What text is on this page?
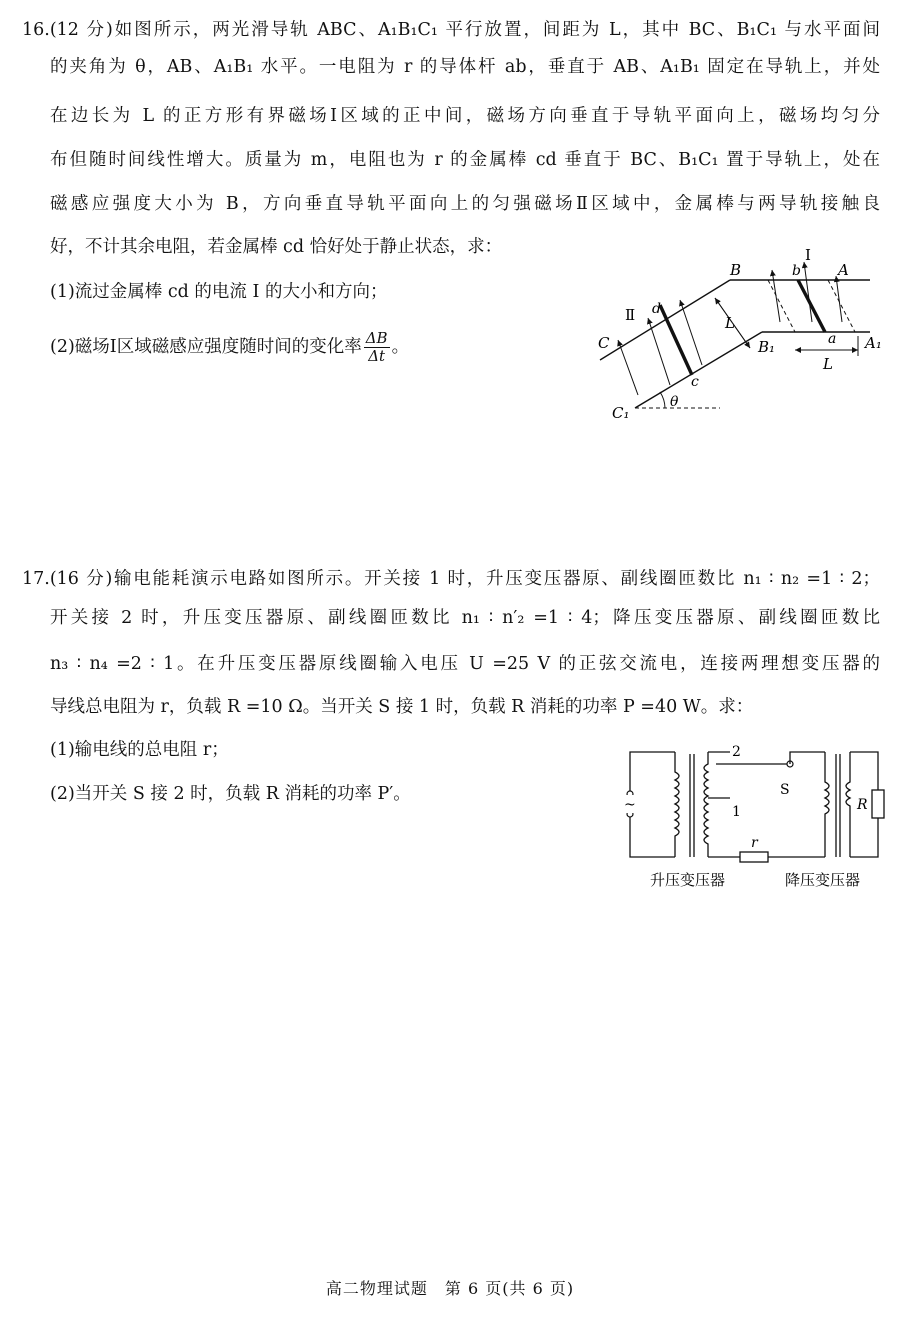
16.(12 分)如图所示，两光滑导轨 ABC、A₁B₁C₁ 平行放置，间距为 L，其中 BC、B₁C₁ 与水平面间
的夹角为 θ，AB、A₁B₁ 水平。一电阻为 r 的导体杆 ab，垂直于 AB、A₁B₁ 固定在导轨上，并处
在边长为 L 的正方形有界磁场Ⅰ区域的正中间，磁场方向垂直于导轨平面向上，磁场均匀分
布但随时间线性增大。质量为 m，电阻也为 r 的金属棒 cd 垂直于 BC、B₁C₁ 置于导轨上，处在
磁感应强度大小为 B，方向垂直导轨平面向上的匀强磁场Ⅱ区域中，金属棒与两导轨接触良
好，不计其余电阻，若金属棒 cd 恰好处于静止状态，求：
(1)流过金属棒 cd 的电流 I 的大小和方向；
(2)磁场Ⅰ区域磁感应强度随时间的变化率 $\frac{\Delta B}{\Delta t}$ 。
Ⅱ
Ⅰ
d
c
C
C₁
B
B₁
A
A₁
b
a
L
L
θ
17.(16 分)输电能耗演示电路如图所示。开关接 1 时，升压变压器原、副线圈匝数比 n₁ ∶ n₂ =1 ∶ 2；
开关接 2 时，升压变压器原、副线圈匝数比 n₁ ∶ n′₂ =1 ∶ 4；降压变压器原、副线圈匝数比
n₃ ∶ n₄ =2 ∶ 1。在升压变压器原线圈输入电压 U =25 V 的正弦交流电，连接两理想变压器的
导线总电阻为 r，负载 R =10 Ω。当开关 S 接 1 时，负载 R 消耗的功率 P =40 W。求：
(1)输电线的总电阻 r；
(2)当开关 S 接 2 时，负载 R 消耗的功率 P′。
~
2
1
S
r
R
升压变压器	降压变压器
高二物理试题　第 6 页(共 6 页)
